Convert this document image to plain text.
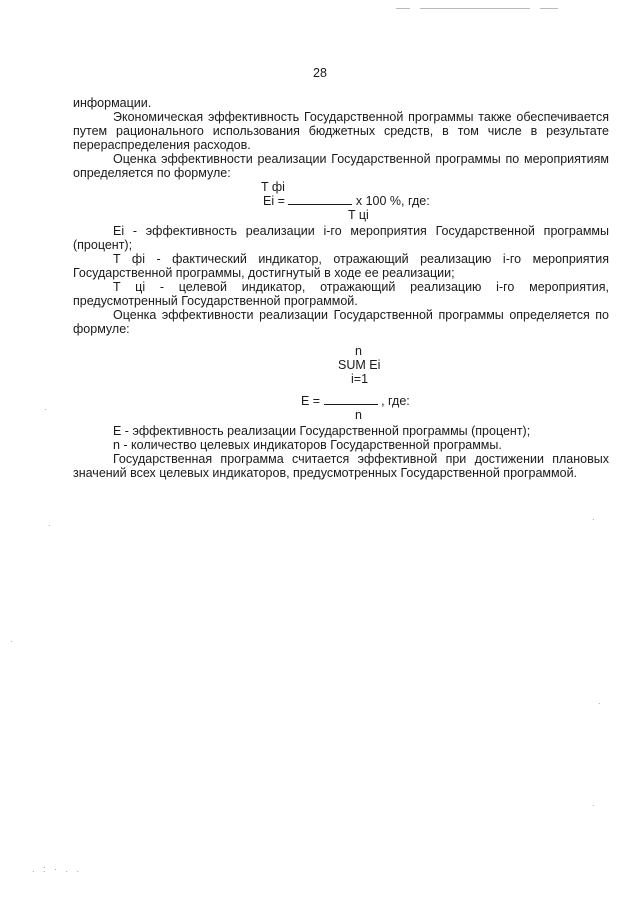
28

информации.

Экономическая эффективность Государственной программы также обеспечивается путем рационального использования бюджетных средств, в том числе в результате перераспределения расходов.

Оценка эффективности реализации Государственной программы по мероприятиям определяется по формуле:

T фi
Ei =	x 100 %, где:
T цi

Ei - эффективность реализации i-го мероприятия Государственной программы (процент);

T фi - фактический индикатор, отражающий реализацию i-го мероприятия Государственной программы, достигнутый в ходе ее реализации;

T цi - целевой индикатор, отражающий реализацию i-го мероприятия, предусмотренный Государственной программой.

Оценка эффективности реализации Государственной программы определяется по формуле:

n
SUM Ei
i=1
E =	, где:
n

E - эффективность реализации Государственной программы (процент);

n - количество целевых индикаторов Государственной программы.

Государственная программа считается эффективной при достижении плановых значений всех целевых индикаторов, предусмотренных Государственной программой.

.
.
.
.
.
.
. : · . .
